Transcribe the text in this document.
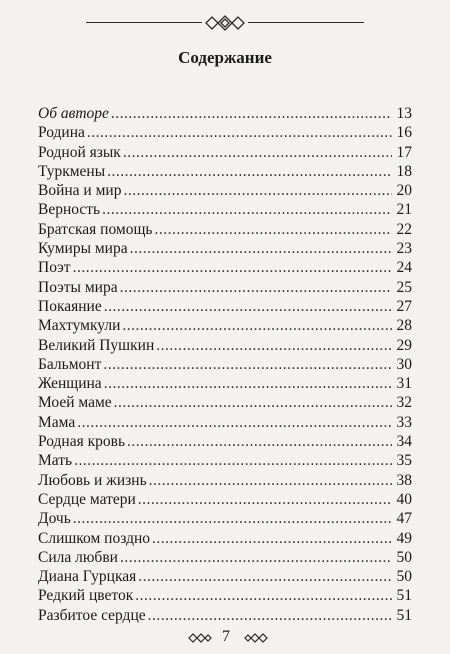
Содержание
Об авторе .....	13
Родина .....	16
Родной язык .....	17
Туркмены .....	18
Война и мир .....	20
Верность .....	21
Братская помощь .....	22
Кумиры мира .....	23
Поэт .....	24
Поэты мира .....	25
Покаяние .....	27
Махтумкули .....	28
Великий Пушкин .....	29
Бальмонт .....	30
Женщина .....	31
Моей маме .....	32
Мама .....	33
Родная кровь .....	34
Мать .....	35
Любовь и жизнь .....	38
Сердце матери .....	40
Дочь .....	47
Слишком поздно .....	49
Сила любви .....	50
Диана Гурцкая .....	50
Редкий цветок .....	51
Разбитое сердце .....	51
7
